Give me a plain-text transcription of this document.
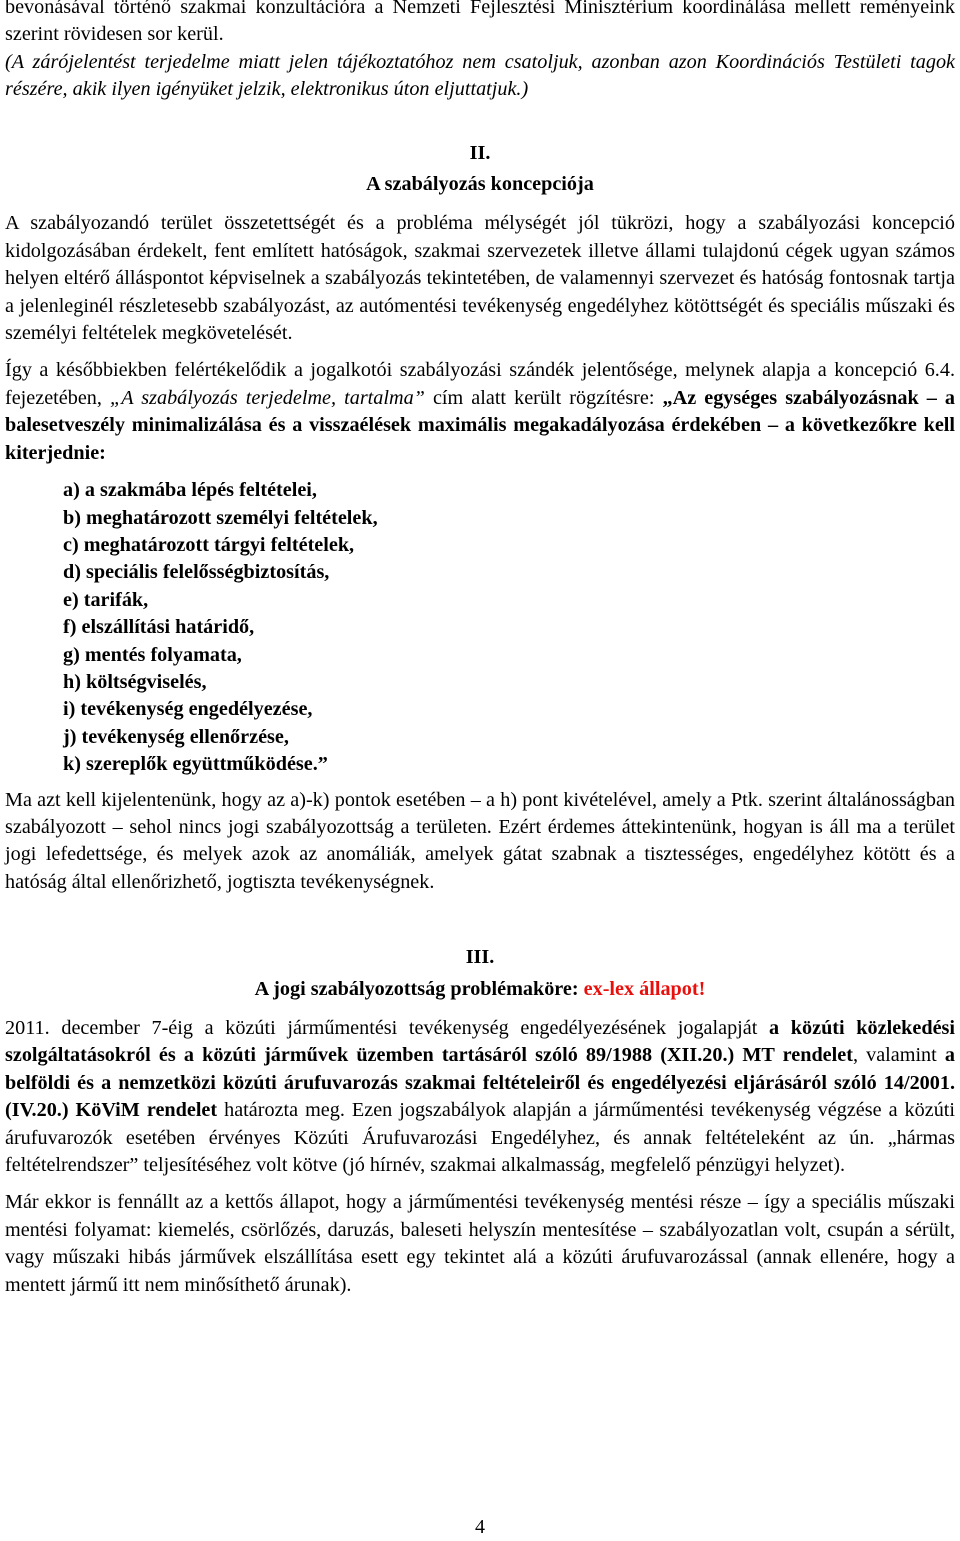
bevonásával történő szakmai konzultációra a Nemzeti Fejlesztési Minisztérium koordinálása mellett reményeink szerint rövidesen sor kerül.

(A zárójelentést terjedelme miatt jelen tájékoztatóhoz nem csatoljuk, azonban azon Koordinációs Testületi tagok részére, akik ilyen igényüket jelzik, elektronikus úton eljuttatjuk.)

II.
A szabályozás koncepciója

A szabályozandó terület összetettségét és a probléma mélységét jól tükrözi, hogy a szabályozási koncepció kidolgozásában érdekelt, fent említett hatóságok, szakmai szervezetek illetve állami tulajdonú cégek ugyan számos helyen eltérő álláspontot képviselnek a szabályozás tekintetében, de valamennyi szervezet és hatóság fontosnak tartja a jelenleginél részletesebb szabályozást, az autómentési tevékenység engedélyhez kötöttségét és speciális műszaki és személyi feltételek megkövetelését.

Így a későbbiekben felértékelődik a jogalkotói szabályozási szándék jelentősége, melynek alapja a koncepció 6.4. fejezetében, „A szabályozás terjedelme, tartalma” cím alatt került rögzítésre: „Az egységes szabályozásnak – a balesetveszély minimalizálása és a visszaélések maximális megakadályozása érdekében – a következőkre kell kiterjednie:

a) a szakmába lépés feltételei,
b) meghatározott személyi feltételek,
c) meghatározott tárgyi feltételek,
d) speciális felelősségbiztosítás,
e) tarifák,
f) elszállítási határidő,
g) mentés folyamata,
h) költségviselés,
i) tevékenység engedélyezése,
j) tevékenység ellenőrzése,
k) szereplők együttműködése.”

Ma azt kell kijelentenünk, hogy az a)-k) pontok esetében – a h) pont kivételével, amely a Ptk. szerint általánosságban szabályozott – sehol nincs jogi szabályozottság a területen. Ezért érdemes áttekintenünk, hogyan is áll ma a terület jogi lefedettsége, és melyek azok az anomáliák, amelyek gátat szabnak a tisztességes, engedélyhez kötött és a hatóság által ellenőrizhető, jogtiszta tevékenységnek.

III.
A jogi szabályozottság problémaköre: ex-lex állapot!

2011. december 7-éig a közúti járműmentési tevékenység engedélyezésének jogalapját a közúti közlekedési szolgáltatásokról és a közúti járművek üzemben tartásáról szóló 89/1988 (XII.20.) MT rendelet, valamint a belföldi és a nemzetközi közúti árufuvarozás szakmai feltételeiről és engedélyezési eljárásáról szóló 14/2001. (IV.20.) KöViM rendelet határozta meg. Ezen jogszabályok alapján a járműmentési tevékenység végzése a közúti árufuvarozók esetében érvényes Közúti Árufuvarozási Engedélyhez, és annak feltételeként az ún. „hármas feltételrendszer” teljesítéséhez volt kötve (jó hírnév, szakmai alkalmasság, megfelelő pénzügyi helyzet).

Már ekkor is fennállt az a kettős állapot, hogy a járműmentési tevékenység mentési része – így a speciális műszaki mentési folyamat: kiemelés, csörlőzés, daruzás, baleseti helyszín mentesítése – szabályozatlan volt, csupán a sérült, vagy műszaki hibás járművek elszállítása esett egy tekintet alá a közúti árufuvarozással (annak ellenére, hogy a mentett jármű itt nem minősíthető árunak).

4
